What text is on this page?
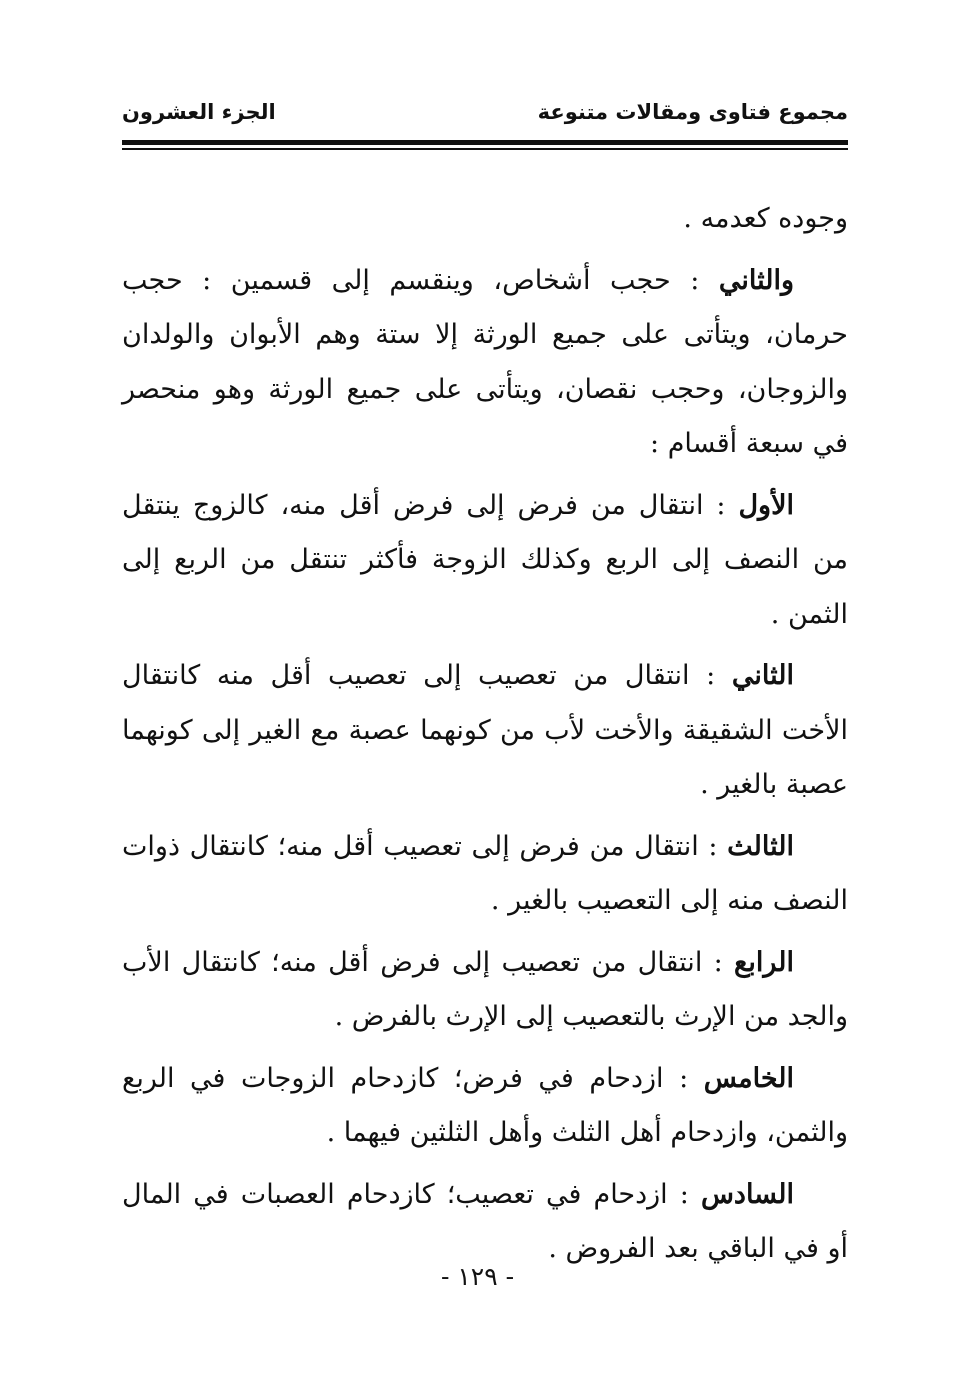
مجموع فتاوى ومقالات متنوعة
الجزء العشرون

وجوده كعدمه .

والثاني : حجب أشخاص، وينقسم إلى قسمين : حجب حرمان، ويتأتى على جميع الورثة إلا ستة وهم الأبوان والولدان والزوجان، وحجب نقصان، ويتأتى على جميع الورثة وهو منحصر في سبعة أقسام :

الأول : انتقال من فرض إلى فرض أقل منه، كالزوج ينتقل من النصف إلى الربع وكذلك الزوجة فأكثر تنتقل من الربع إلى الثمن .

الثاني : انتقال من تعصيب إلى تعصيب أقل منه كانتقال الأخت الشقيقة والأخت لأب من كونهما عصبة مع الغير إلى كونهما عصبة بالغير .

الثالث : انتقال من فرض إلى تعصيب أقل منه؛ كانتقال ذوات النصف منه إلى التعصيب بالغير .

الرابع : انتقال من تعصيب إلى فرض أقل منه؛ كانتقال الأب والجد من الإرث بالتعصيب إلى الإرث بالفرض .

الخامس : ازدحام في فرض؛ كازدحام الزوجات في الربع والثمن، وازدحام أهل الثلث وأهل الثلثين فيهما .

السادس : ازدحام في تعصيب؛ كازدحام العصبات في المال أو في الباقي بعد الفروض .

- ١٢٩ -
